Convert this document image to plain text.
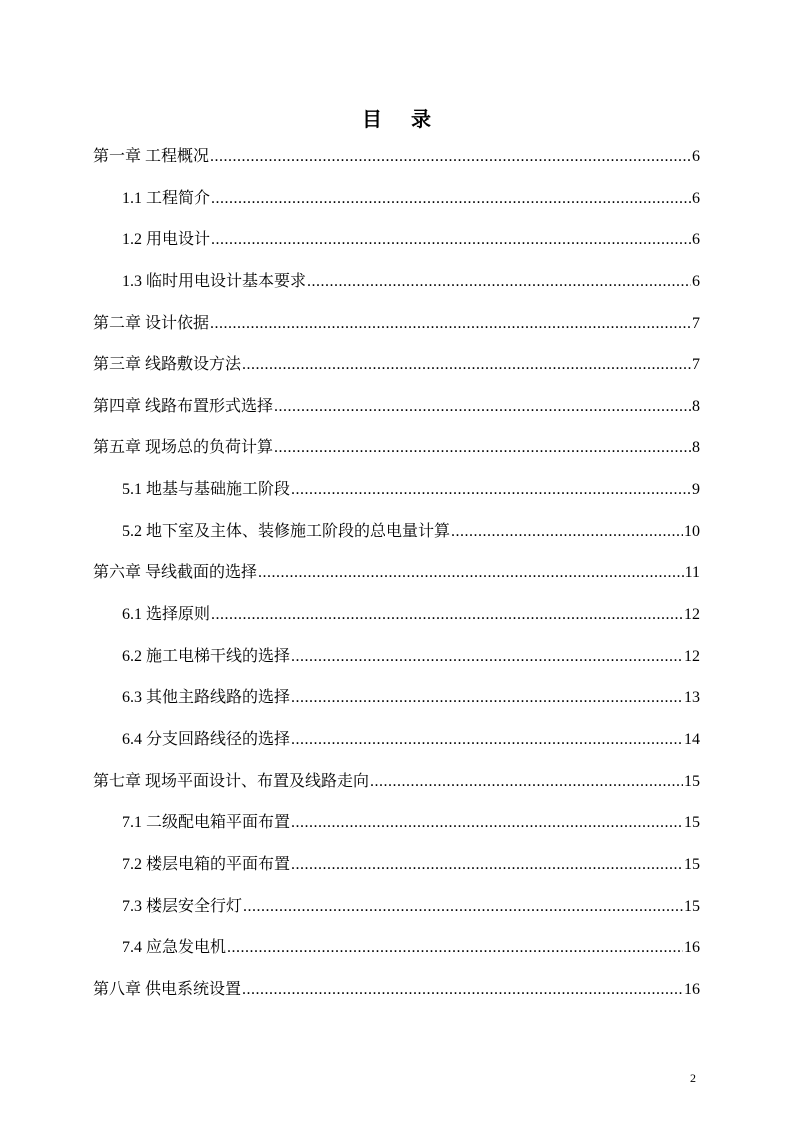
目 录
第一章 工程概况 .....	6
1.1 工程简介 .....	6
1.2 用电设计 .....	6
1.3 临时用电设计基本要求 .....	6
第二章 设计依据 .....	7
第三章 线路敷设方法 .....	7
第四章 线路布置形式选择 .....	8
第五章 现场总的负荷计算 .....	8
5.1 地基与基础施工阶段 .....	9
5.2 地下室及主体、装修施工阶段的总电量计算 .....	10
第六章 导线截面的选择 .....	11
6.1 选择原则 .....	12
6.2 施工电梯干线的选择 .....	12
6.3 其他主路线路的选择 .....	13
6.4 分支回路线径的选择 .....	14
第七章 现场平面设计、布置及线路走向 .....	15
7.1 二级配电箱平面布置 .....	15
7.2 楼层电箱的平面布置 .....	15
7.3 楼层安全行灯 .....	15
7.4 应急发电机 .....	16
第八章 供电系统设置 .....	16
2
